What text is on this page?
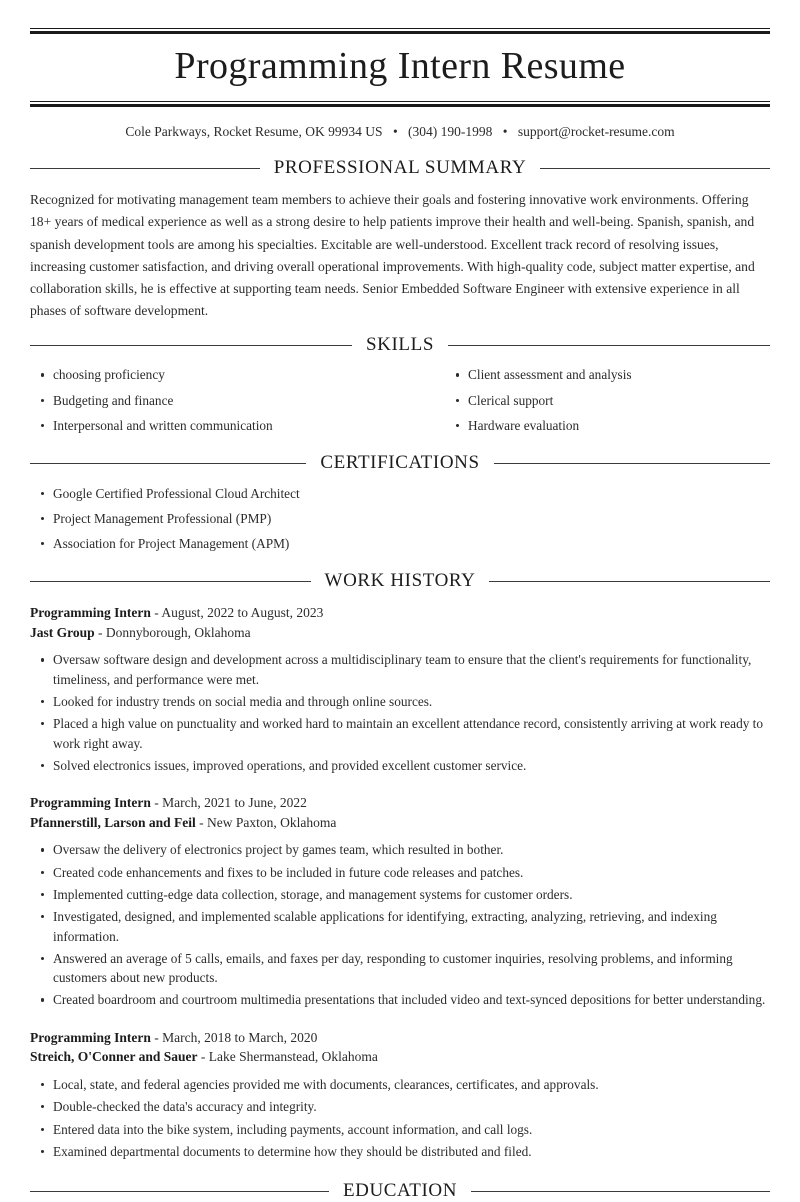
Programming Intern Resume
Cole Parkways, Rocket Resume, OK 99934 US • (304) 190-1998 • support@rocket-resume.com
PROFESSIONAL SUMMARY
Recognized for motivating management team members to achieve their goals and fostering innovative work environments. Offering 18+ years of medical experience as well as a strong desire to help patients improve their health and well-being. Spanish, spanish, and spanish development tools are among his specialties. Excitable are well-understood. Excellent track record of resolving issues, increasing customer satisfaction, and driving overall operational improvements. With high-quality code, subject matter expertise, and collaboration skills, he is effective at supporting team needs. Senior Embedded Software Engineer with extensive experience in all phases of software development.
SKILLS
choosing proficiency
Budgeting and finance
Interpersonal and written communication
Client assessment and analysis
Clerical support
Hardware evaluation
CERTIFICATIONS
Google Certified Professional Cloud Architect
Project Management Professional (PMP)
Association for Project Management (APM)
WORK HISTORY
Programming Intern - August, 2022 to August, 2023
Jast Group - Donnyborough, Oklahoma
Oversaw software design and development across a multidisciplinary team to ensure that the client's requirements for functionality, timeliness, and performance were met.
Looked for industry trends on social media and through online sources.
Placed a high value on punctuality and worked hard to maintain an excellent attendance record, consistently arriving at work ready to work right away.
Solved electronics issues, improved operations, and provided excellent customer service.
Programming Intern - March, 2021 to June, 2022
Pfannerstill, Larson and Feil - New Paxton, Oklahoma
Oversaw the delivery of electronics project by games team, which resulted in bother.
Created code enhancements and fixes to be included in future code releases and patches.
Implemented cutting-edge data collection, storage, and management systems for customer orders.
Investigated, designed, and implemented scalable applications for identifying, extracting, analyzing, retrieving, and indexing information.
Answered an average of 5 calls, emails, and faxes per day, responding to customer inquiries, resolving problems, and informing customers about new products.
Created boardroom and courtroom multimedia presentations that included video and text-synced depositions for better understanding.
Programming Intern - March, 2018 to March, 2020
Streich, O'Conner and Sauer - Lake Shermanstead, Oklahoma
Local, state, and federal agencies provided me with documents, clearances, certificates, and approvals.
Double-checked the data's accuracy and integrity.
Entered data into the bike system, including payments, account information, and call logs.
Examined departmental documents to determine how they should be distributed and filed.
EDUCATION
